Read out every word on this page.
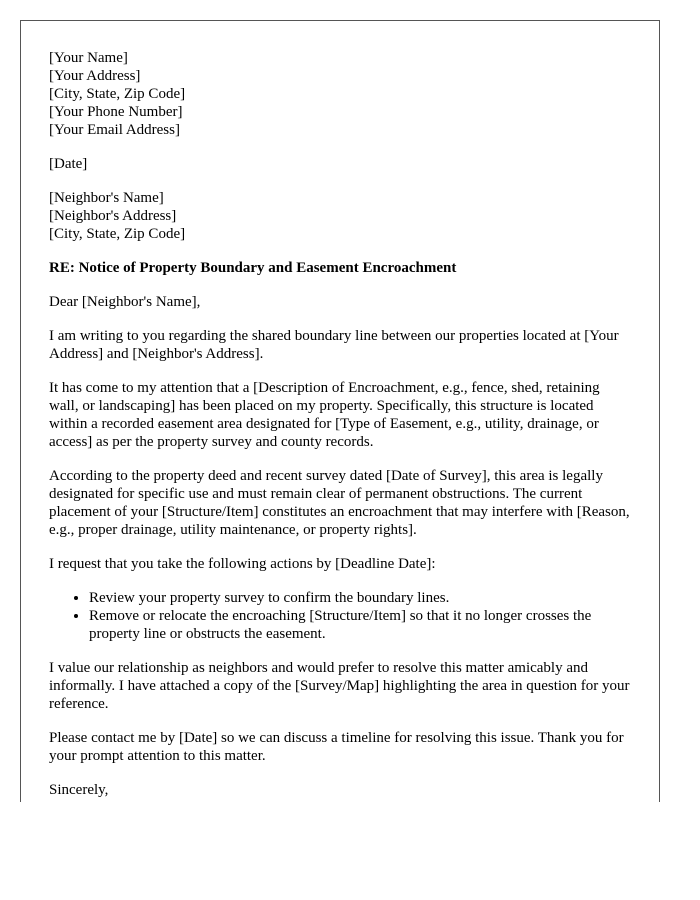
[Your Name]
[Your Address]
[City, State, Zip Code]
[Your Phone Number]
[Your Email Address]
[Date]
[Neighbor's Name]
[Neighbor's Address]
[City, State, Zip Code]

RE: Notice of Property Boundary and Easement Encroachment

Dear [Neighbor's Name],

I am writing to you regarding the shared boundary line between our properties located at [Your Address] and [Neighbor's Address].

It has come to my attention that a [Description of Encroachment, e.g., fence, shed, retaining wall, or landscaping] has been placed on my property. Specifically, this structure is located within a recorded easement area designated for [Type of Easement, e.g., utility, drainage, or access] as per the property survey and county records.

According to the property deed and recent survey dated [Date of Survey], this area is legally designated for specific use and must remain clear of permanent obstructions. The current placement of your [Structure/Item] constitutes an encroachment that may interfere with [Reason, e.g., proper drainage, utility maintenance, or property rights].

I request that you take the following actions by [Deadline Date]:

• Review your property survey to confirm the boundary lines.
• Remove or relocate the encroaching [Structure/Item] so that it no longer crosses the property line or obstructs the easement.

I value our relationship as neighbors and would prefer to resolve this matter amicably and informally. I have attached a copy of the [Survey/Map] highlighting the area in question for your reference.

Please contact me by [Date] so we can discuss a timeline for resolving this issue. Thank you for your prompt attention to this matter.

Sincerely,
